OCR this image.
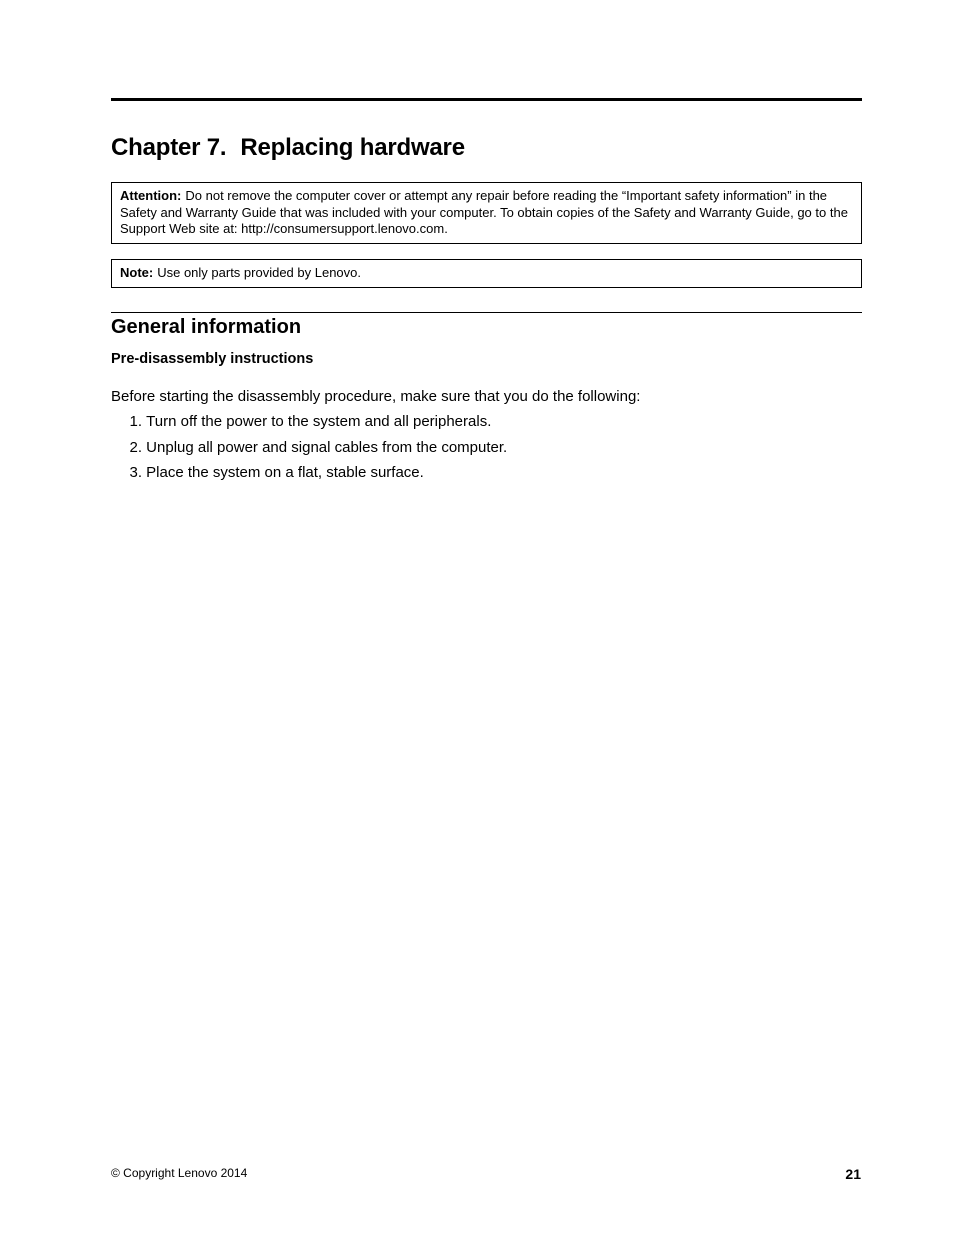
Chapter 7. Replacing hardware
Attention: Do not remove the computer cover or attempt any repair before reading the “Important safety information” in the Safety and Warranty Guide that was included with your computer. To obtain copies of the Safety and Warranty Guide, go to the Support Web site at: http://consumersupport.lenovo.com.
Note: Use only parts provided by Lenovo.
General information
Pre-disassembly instructions

Before starting the disassembly procedure, make sure that you do the following:

1. Turn off the power to the system and all peripherals.
2. Unplug all power and signal cables from the computer.
3. Place the system on a flat, stable surface.
© Copyright Lenovo 2014	21
